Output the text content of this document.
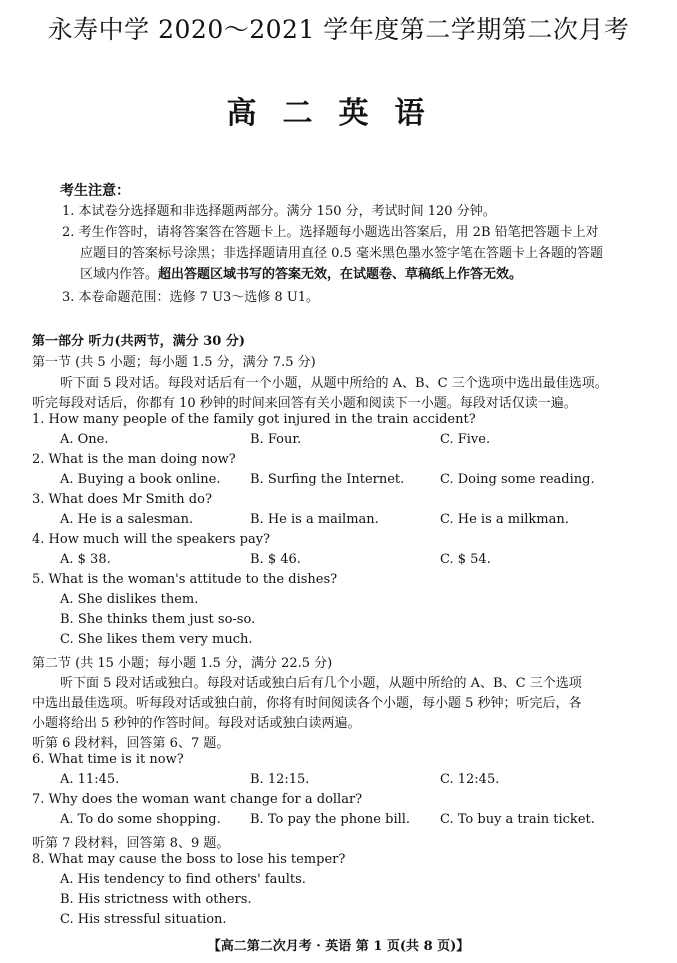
永寿中学 2020～2021 学年度第二学期第二次月考
高二英语
考生注意：
1. 本试卷分选择题和非选择题两部分。满分 150 分，考试时间 120 分钟。
2. 考生作答时，请将答案答在答题卡上。选择题每小题选出答案后，用 2B 铅笔把答题卡上对
应题目的答案标号涂黑；非选择题请用直径 0.5 毫米黑色墨水签字笔在答题卡上各题的答题
区域内作答。超出答题区域书写的答案无效，在试题卷、草稿纸上作答无效。
3. 本卷命题范围：选修 7 U3～选修 8 U1。
第一部分 听力(共两节，满分 30 分)
第一节 (共 5 小题；每小题 1.5 分，满分 7.5 分)
听下面 5 段对话。每段对话后有一个小题，从题中所给的 A、B、C 三个选项中选出最佳选项。
听完每段对话后，你都有 10 秒钟的时间来回答有关小题和阅读下一小题。每段对话仅读一遍。
1. How many people of the family got injured in the train accident?
A. One.	B. Four.	C. Five.
2. What is the man doing now?
A. Buying a book online. B. Surfing the Internet.	C. Doing some reading.
3. What does Mr Smith do?
A. He is a salesman.	B. He is a mailman.	C. He is a milkman.
4. How much will the speakers pay?
A. $ 38.	B. $ 46.	C. $ 54.
5. What is the woman's attitude to the dishes?
A. She dislikes them.
B. She thinks them just so-so.
C. She likes them very much.
第二节 (共 15 小题；每小题 1.5 分，满分 22.5 分)
听下面 5 段对话或独白。每段对话或独白后有几个小题，从题中所给的 A、B、C 三个选项
中选出最佳选项。听每段对话或独白前，你将有时间阅读各个小题，每小题 5 秒钟；听完后，各
小题将给出 5 秒钟的作答时间。每段对话或独白读两遍。
听第 6 段材料，回答第 6、7 题。
6. What time is it now?
A. 11:45.	B. 12:15.	C. 12:45.
7. Why does the woman want change for a dollar?
A. To do some shopping. B. To pay the phone bill. C. To buy a train ticket.
听第 7 段材料，回答第 8、9 题。
8. What may cause the boss to lose his temper?
A. His tendency to find others' faults.
B. His strictness with others.
C. His stressful situation.
【高二第二次月考 · 英语 第 1 页(共 8 页)】
